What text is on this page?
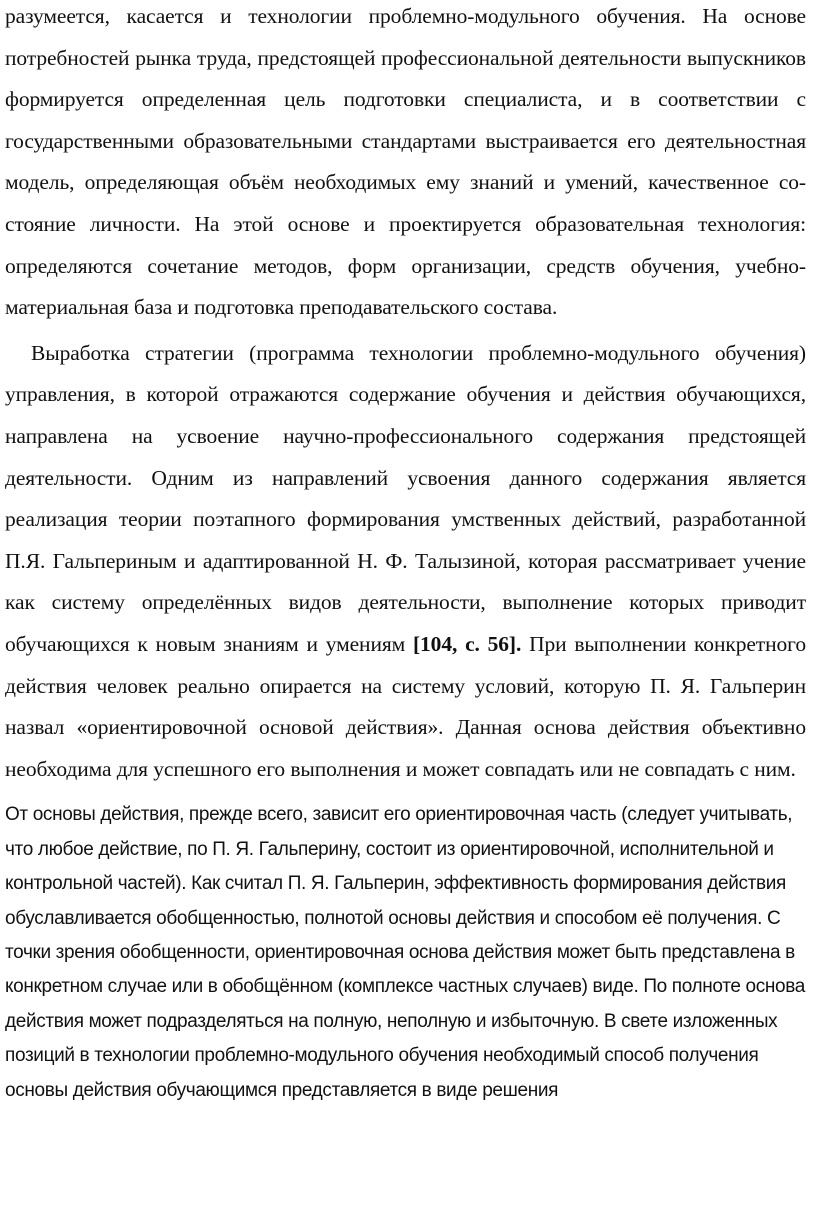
разумеется, касается и технологии проблемно-модульного обучения. На основе потребностей рынка труда, предстоящей профессиональной деятельности выпускников формируется определенная цель подготовки специалиста, и в соответствии с государственными образовательными стандартами выстраивается его деятельностная модель, определяющая объём необходимых ему знаний и умений, качественное со-стояние личности. На этой основе и проектируется образовательная технология: определяются сочетание методов, форм организации, средств обучения, учебно-материальная база и подготовка преподавательского состава.

Выработка стратегии (программа технологии проблемно-модульного обучения) управления, в которой отражаются содержание обучения и действия обучающихся, направлена на усвоение научно-профессионального содержания предстоящей деятельности. Одним из направлений усвоения данного содержания является реализация теории поэтапного формирования умственных действий, разработанной П.Я. Гальпериным и адаптированной Н. Ф. Талызиной, которая рассматривает учение как систему определённых видов деятельности, выполнение которых приводит обучающихся к новым знаниям и умениям [104, с. 56]. При выполнении конкретного действия человек реально опирается на систему условий, которую П. Я. Гальперин назвал «ориентировочной основой действия». Данная основа действия объективно необходима для успешного его выполнения и может совпадать или не совпадать с ним.

От основы действия, прежде всего, зависит его ориентировочная часть (следует учитывать, что любое действие, по П. Я. Гальперину, состоит из ориентировочной, исполнительной и контрольной частей). Как считал П. Я. Гальперин, эффективность формирования действия обуславливается обобщенностью, полнотой основы действия и способом её получения. С точки зрения обобщенности, ориентировочная основа действия может быть представлена в конкретном случае или в обобщённом (комплексе частных случаев) виде. По полноте основа действия может подразделяться на полную, неполную и избыточную. В свете изложенных позиций в технологии проблемно-модульного обучения необходимый способ получения основы действия обучающимся представляется в виде решения
